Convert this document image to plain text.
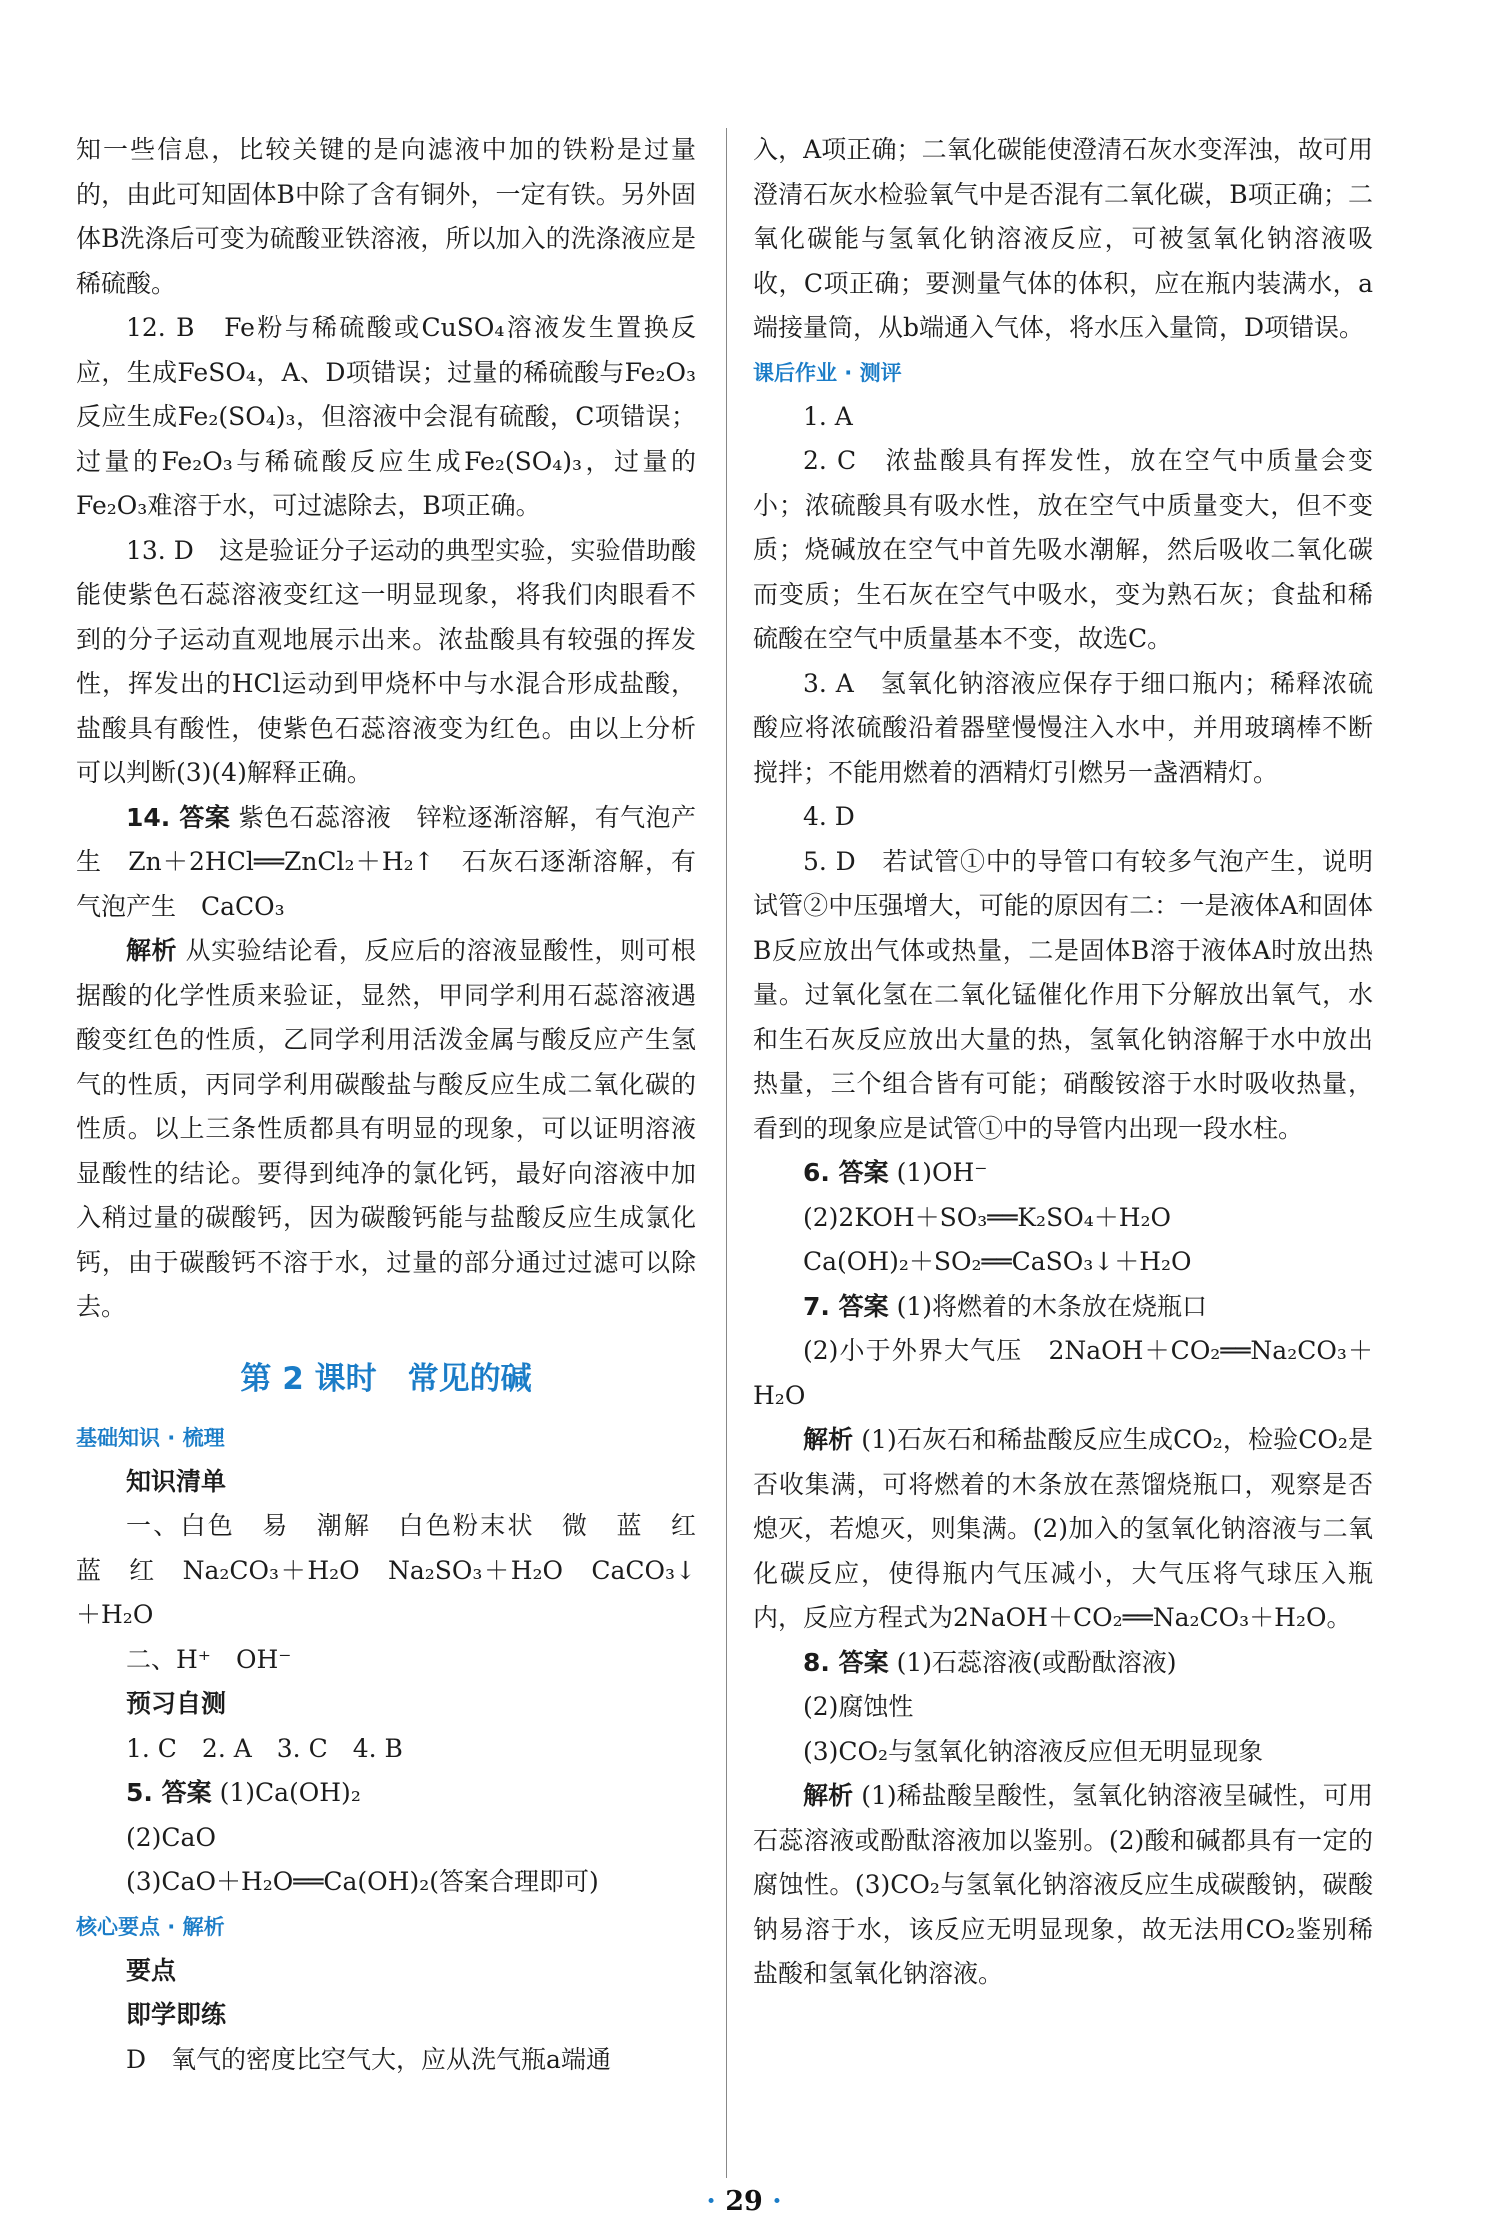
知一些信息，比较关键的是向滤液中加的铁粉是过量的，由此可知固体B中除了含有铜外，一定有铁。另外固体B洗涤后可变为硫酸亚铁溶液，所以加入的洗涤液应是稀硫酸。

12. B　Fe粉与稀硫酸或CuSO₄溶液发生置换反应，生成FeSO₄，A、D项错误；过量的稀硫酸与Fe₂O₃反应生成Fe₂(SO₄)₃，但溶液中会混有硫酸，C项错误；过量的Fe₂O₃与稀硫酸反应生成Fe₂(SO₄)₃，过量的Fe₂O₃难溶于水，可过滤除去，B项正确。

13. D　这是验证分子运动的典型实验，实验借助酸能使紫色石蕊溶液变红这一明显现象，将我们肉眼看不到的分子运动直观地展示出来。浓盐酸具有较强的挥发性，挥发出的HCl运动到甲烧杯中与水混合形成盐酸，盐酸具有酸性，使紫色石蕊溶液变为红色。由以上分析可以判断(3)(4)解释正确。

14. 答案 紫色石蕊溶液　锌粒逐渐溶解，有气泡产生　Zn＋2HCl══ZnCl₂＋H₂↑　石灰石逐渐溶解，有气泡产生　CaCO₃

解析 从实验结论看，反应后的溶液显酸性，则可根据酸的化学性质来验证，显然，甲同学利用石蕊溶液遇酸变红色的性质，乙同学利用活泼金属与酸反应产生氢气的性质，丙同学利用碳酸盐与酸反应生成二氧化碳的性质。以上三条性质都具有明显的现象，可以证明溶液显酸性的结论。要得到纯净的氯化钙，最好向溶液中加入稍过量的碳酸钙，因为碳酸钙能与盐酸反应生成氯化钙，由于碳酸钙不溶于水，过量的部分通过过滤可以除去。

第 2 课时　常见的碱
基础知识 · 梳理

知识清单

一、白色　易　潮解　白色粉末状　微　蓝　红　蓝　红　Na₂CO₃＋H₂O　Na₂SO₃＋H₂O　CaCO₃↓＋H₂O

二、H⁺　OH⁻

预习自测

1. C　2. A　3. C　4. B

5. 答案 (1)Ca(OH)₂

(2)CaO

(3)CaO＋H₂O══Ca(OH)₂(答案合理即可)

核心要点 · 解析

要点

即学即练

D　氧气的密度比空气大，应从洗气瓶a端通

入，A项正确；二氧化碳能使澄清石灰水变浑浊，故可用澄清石灰水检验氧气中是否混有二氧化碳，B项正确；二氧化碳能与氢氧化钠溶液反应，可被氢氧化钠溶液吸收，C项正确；要测量气体的体积，应在瓶内装满水，a端接量筒，从b端通入气体，将水压入量筒，D项错误。

课后作业 · 测评

1. A

2. C　浓盐酸具有挥发性，放在空气中质量会变小；浓硫酸具有吸水性，放在空气中质量变大，但不变质；烧碱放在空气中首先吸水潮解，然后吸收二氧化碳而变质；生石灰在空气中吸水，变为熟石灰；食盐和稀硫酸在空气中质量基本不变，故选C。

3. A　氢氧化钠溶液应保存于细口瓶内；稀释浓硫酸应将浓硫酸沿着器壁慢慢注入水中，并用玻璃棒不断搅拌；不能用燃着的酒精灯引燃另一盏酒精灯。

4. D

5. D　若试管①中的导管口有较多气泡产生，说明试管②中压强增大，可能的原因有二：一是液体A和固体B反应放出气体或热量，二是固体B溶于液体A时放出热量。过氧化氢在二氧化锰催化作用下分解放出氧气，水和生石灰反应放出大量的热，氢氧化钠溶解于水中放出热量，三个组合皆有可能；硝酸铵溶于水时吸收热量，看到的现象应是试管①中的导管内出现一段水柱。

6. 答案 (1)OH⁻

(2)2KOH＋SO₃══K₂SO₄＋H₂O

Ca(OH)₂＋SO₂══CaSO₃↓＋H₂O

7. 答案 (1)将燃着的木条放在烧瓶口

(2)小于外界大气压　2NaOH＋CO₂══Na₂CO₃＋H₂O

解析 (1)石灰石和稀盐酸反应生成CO₂，检验CO₂是否收集满，可将燃着的木条放在蒸馏烧瓶口，观察是否熄灭，若熄灭，则集满。(2)加入的氢氧化钠溶液与二氧化碳反应，使得瓶内气压减小，大气压将气球压入瓶内，反应方程式为2NaOH＋CO₂══Na₂CO₃＋H₂O。

8. 答案 (1)石蕊溶液(或酚酞溶液)

(2)腐蚀性

(3)CO₂与氢氧化钠溶液反应但无明显现象

解析 (1)稀盐酸呈酸性，氢氧化钠溶液呈碱性，可用石蕊溶液或酚酞溶液加以鉴别。(2)酸和碱都具有一定的腐蚀性。(3)CO₂与氢氧化钠溶液反应生成碳酸钠，碳酸钠易溶于水，该反应无明显现象，故无法用CO₂鉴别稀盐酸和氢氧化钠溶液。

· 29 ·
